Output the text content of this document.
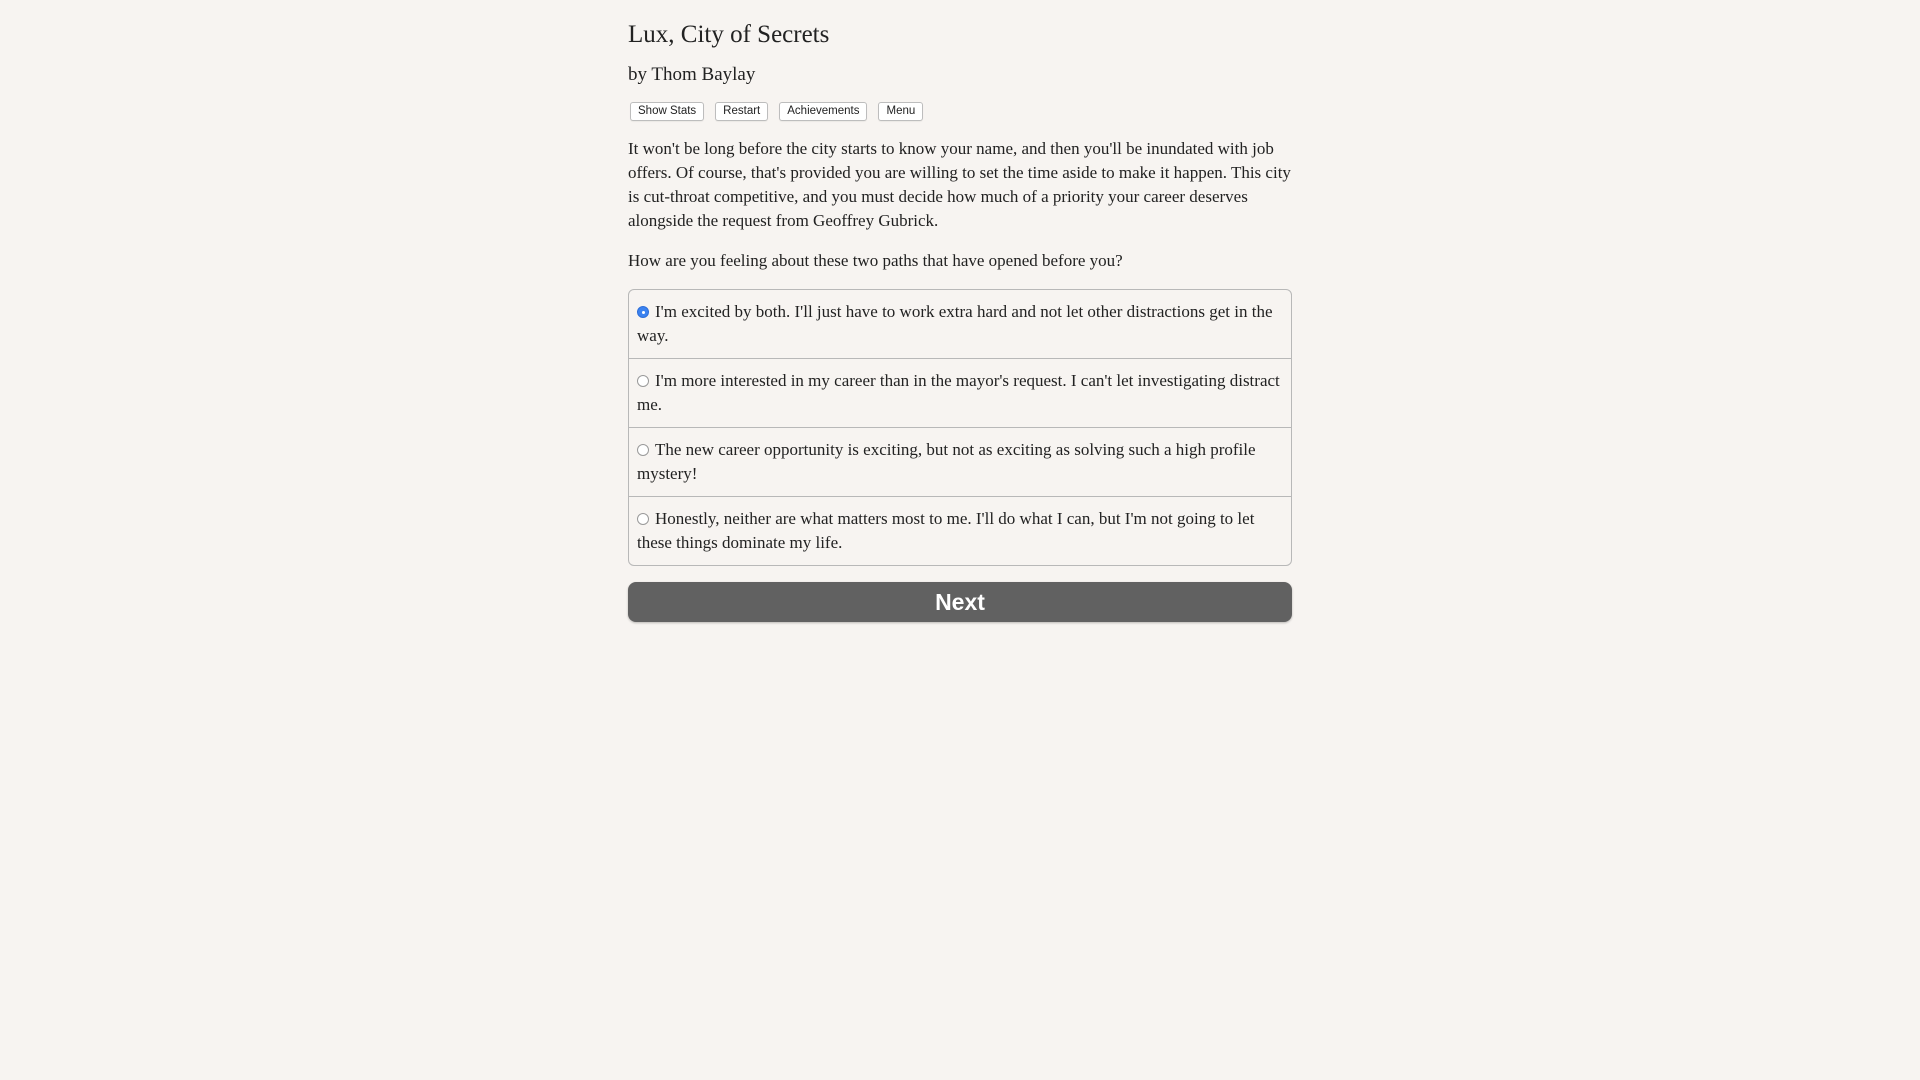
Lux, City of Secrets
by Thom Baylay
Show Stats	Restart	Achievements	Menu

It won't be long before the city starts to know your name, and then you'll be inundated with job offers. Of course, that's provided you are willing to set the time aside to make it happen. This city is cut-throat competitive, and you must decide how much of a priority your career deserves alongside the request from Geoffrey Gubrick.

How are you feeling about these two paths that have opened before you?

I'm excited by both. I'll just have to work extra hard and not let other distractions get in the way.
I'm more interested in my career than in the mayor's request. I can't let investigating distract me.
The new career opportunity is exciting, but not as exciting as solving such a high profile mystery!
Honestly, neither are what matters most to me. I'll do what I can, but I'm not going to let these things dominate my life.
Next
